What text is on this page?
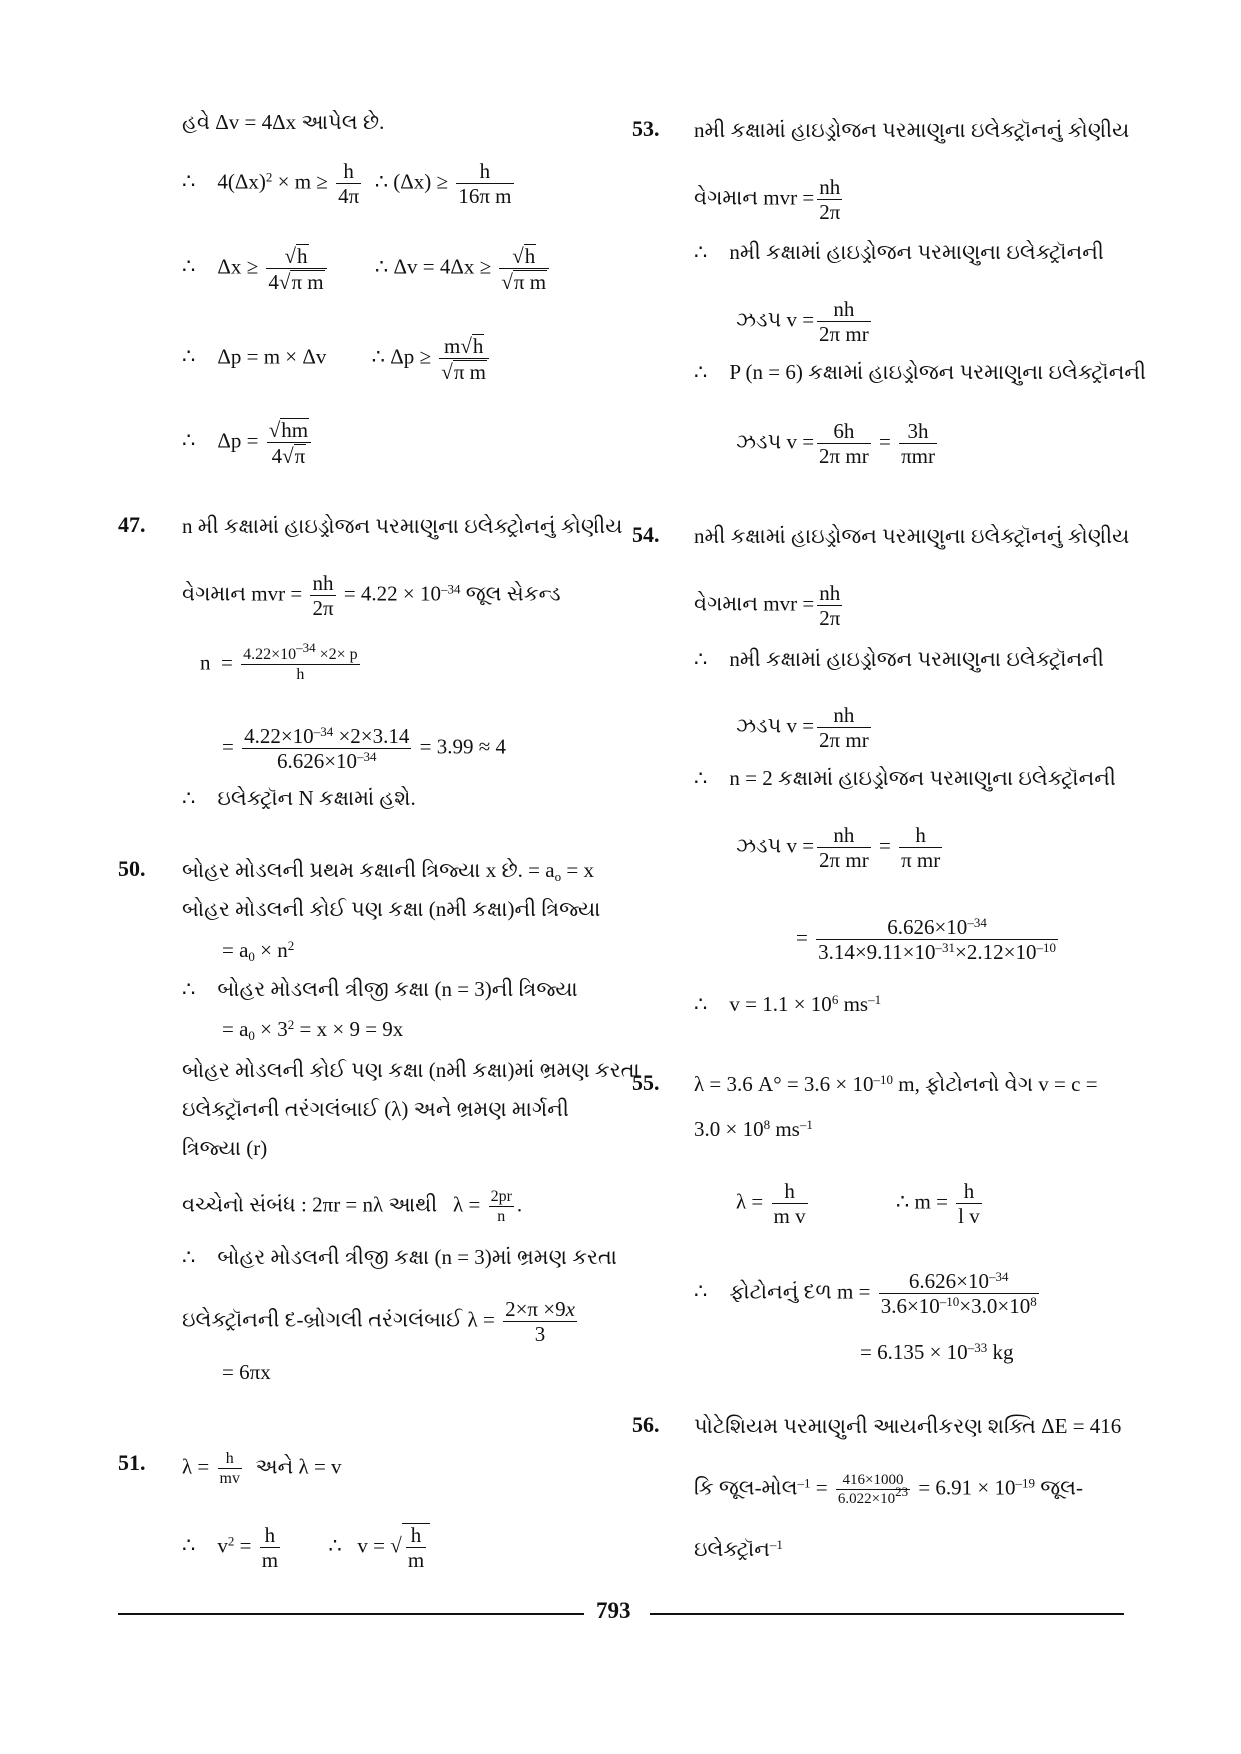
હવે Δv = 4Δx આપેલ છે.
∴ $4(\Delta x)^2 \times m \ge \frac{h}{4\pi}$ ∴ $(\Delta x) \ge \frac{h}{\text{16π m}}$
∴ $\Delta x \ge \frac{√h}{\text{4√π m}}$ ∴ $\Delta v = 4\Delta x \ge \frac{√h}{\text{√π m}}$
∴ Δp = m × Δv ∴ $\Delta p \ge \frac{m√h}{\text{√π m}}$
∴ $\Delta p = \frac{√hm}{4√\pi}$
47. n મી કક્ષામાં હાઇડ્રોજન પરમાણુના ઇલેક્ટ્રોનનું કોણીય
વેગમાન mvr = $\frac{nh}{2\pi} = 4.22 \times 10^{-34}$ જૂલ સેકન્ડ
$n = \frac{4.22\times 10^{-34} \times 2\times p}{h}$
= $\frac{4.22\times 10^{-34} \times 2\times 3.14}{6.626\times 10^{-34}} = 3.99 \approx 4$
∴ ઇલેક્ટ્રૉન N કક્ષામાં હશે.
50. બોહર મોડલની પ્રથમ કક્ષાની ત્રિજ્યા x છે. = $a_o = x$
બોહર મોડલની કોઈ પણ કક્ષા (nમી કક્ષા)ની ત્રિજ્યા
= $a_0 \times n^2$
∴ બોહર મોડલની ત્રીજી કક્ષા (n = 3)ની ત્રિજ્યા
= $a_0 \times 3^2 = x \times 9 = 9x$
બોહર મોડલની કોઈ પણ કક્ષા (nમી કક્ષા)માં ભ્રમણ કરતા
ઇલેક્ટ્રૉનની તરંગલંબાઈ (λ) અને ભ્રમણ માર્ગની
ત્રિજ્યા (r)
વચ્ચેનો સંબંધ : 2πr = nλ આથી   $\lambda = \frac{2pr}{n}$ .
∴ બોહર મોડલની ત્રીજી કક્ષા (n = 3)માં ભ્રમણ કરતા
ઇલેક્ટ્રૉનની દ-બ્રોગલી તરંગલંબાઈ $\lambda = \frac{2\times\pi \times 9x}{3}$
= 6πx
51. $\lambda = \frac{h}{mv}$ અને λ = v
∴ $v^2 = \frac{h}{m}$ ∴   v = √ $\frac{h}{m}$
53. nમી કક્ષામાં હાઇડ્રોજન પરમાણુના ઇલેક્ટ્રૉનનું કોણીય
વેગમાન mvr = $\frac{nh}{2\pi}$
∴ nમી કક્ષામાં હાઇડ્રોજન પરમાણુના ઇલેક્ટ્રૉનની
ઝડપ $v = \frac{nh}{\text{2π mr}}$
∴ P (n = 6) કક્ષામાં હાઇડ્રોજન પરમાણુના ઇલેક્ટ્રૉનની
ઝડપ $v = \frac{6h}{\text{2π mr}} = \frac{3h}{\text{πmr}}$
54. nમી કક્ષામાં હાઇડ્રોજન પરમાણુના ઇલેક્ટ્રૉનનું કોણીય
વેગમાન mvr = $\frac{nh}{2\pi}$
∴ nમી કક્ષામાં હાઇડ્રોજન પરમાણુના ઇલેક્ટ્રૉનની
ઝડપ $v = \frac{nh}{\text{2π mr}}$
∴ n = 2 કક્ષામાં હાઇડ્રોજન પરમાણુના ઇલેક્ટ્રૉનની
ઝડપ $v = \frac{nh}{\text{2π mr}} = \frac{h}{\text{π mr}}$
= $\frac{6.626\times 10^{-34}}{3.14\times 9.11\times 10^{-31}\times 2.12\times 10^{-10}}$
∴ $v = 1.1 \times 10^6$ $ms^{-1}$
55. λ = 3.6 $A^\circ = 3.6 \times 10^{-10}$ m, ફોટોનનો વેગ v = c =
$3.0 \times 10^8$ $ms^{-1}$
$\lambda = \frac{h}{\text{m v}}$	∴ $m = \frac{h}{\text{l v}}$
∴ ફોટોનનું દળ $m = \frac{6.626\times 10^{-34}}{3.6\times 10^{-10}\times 3.0\times 10^8}$
= $6.135 \times 10^{-33}$ kg
56. પોટેશિયમ પરમાણુની આયનીકરણ શક્તિ ΔE = 416
કિ જૂલ-મોલ$^{-1}$ = $\frac{416\times 1000}{6.022\times 10^{23}} = 6.91 \times 10^{-19}$ જૂલ-
ઇલેક્ટ્રૉન$^{-1}$
793
